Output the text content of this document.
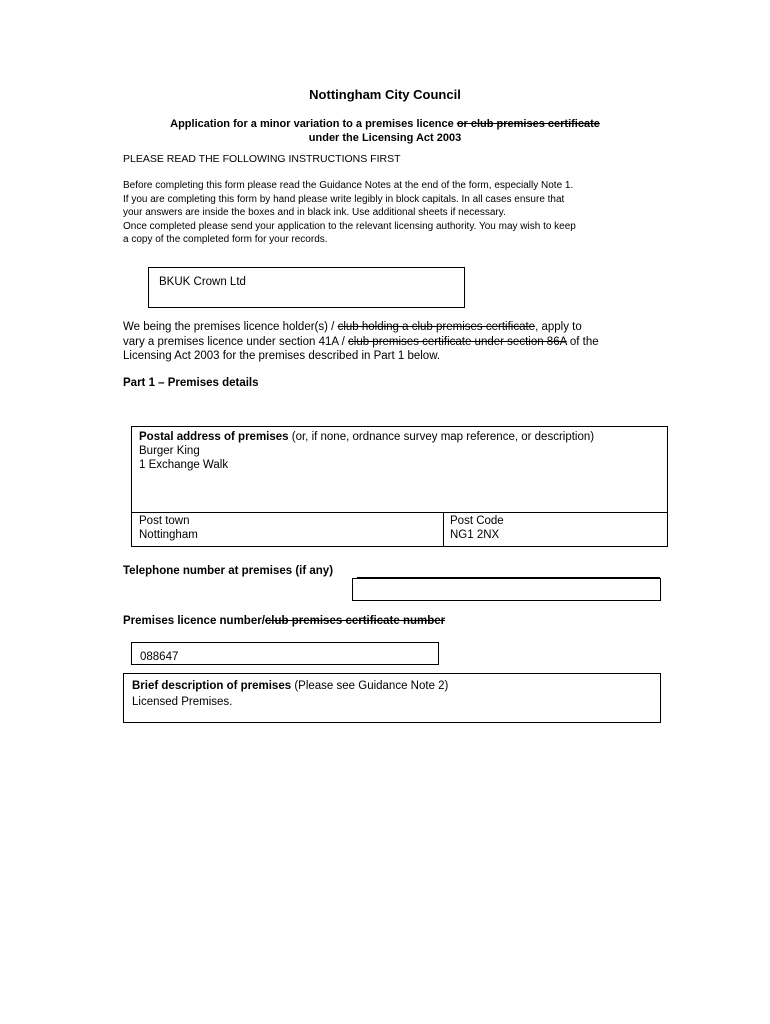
Nottingham City Council
Application for a minor variation to a premises licence or club premises certificate
under the Licensing Act 2003
PLEASE READ THE FOLLOWING INSTRUCTIONS FIRST
Before completing this form please read the Guidance Notes at the end of the form, especially Note 1.
If you are completing this form by hand please write legibly in block capitals. In all cases ensure that
your answers are inside the boxes and in black ink. Use additional sheets if necessary.
Once completed please send your application to the relevant licensing authority. You may wish to keep
a copy of the completed form for your records.
BKUK Crown Ltd
We being the premises licence holder(s) / club holding a club premises certificate, apply to
vary a premises licence under section 41A / club premises certificate under section 86A of the
Licensing Act 2003 for the premises described in Part 1 below.
Part 1 – Premises details
Postal address of premises (or, if none, ordnance survey map reference, or description)
Burger King
1 Exchange Walk
Post town
Nottingham
Post Code
NG1 2NX
Telephone number at premises (if any)
Premises licence number/club premises certificate number
088647
Brief description of premises (Please see Guidance Note 2)
Licensed Premises.
